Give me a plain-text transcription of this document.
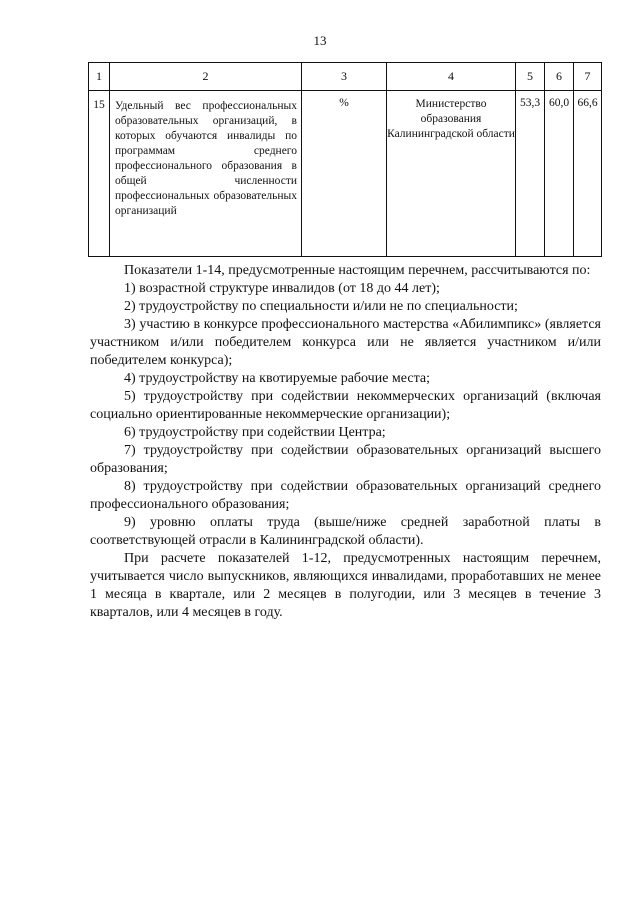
13
1	2	3	4	5	6	7
15	Удельный вес профессиональных образовательных организаций, в которых обучаются инвалиды по программам среднего профессионального образования в общей численности профессиональных образовательных организаций	%	Министерство образования Калининградской области	53,3	60,0	66,6

Показатели 1-14, предусмотренные настоящим перечнем, рассчитываются по:

1) возрастной структуре инвалидов (от 18 до 44 лет);

2) трудоустройству по специальности и/или не по специальности;

3) участию в конкурсе профессионального мастерства «Абилимпикс» (является участником и/или победителем конкурса или не является участником и/или победителем конкурса);

4) трудоустройству на квотируемые рабочие места;

5) трудоустройству при содействии некоммерческих организаций (включая социально ориентированные некоммерческие организации);

6) трудоустройству при содействии Центра;

7) трудоустройству при содействии образовательных организаций высшего образования;

8) трудоустройству при содействии образовательных организаций среднего профессионального образования;

9) уровню оплаты труда (выше/ниже средней заработной платы в соответствующей отрасли в Калининградской области).

При расчете показателей 1-12, предусмотренных настоящим перечнем, учитывается число выпускников, являющихся инвалидами, проработавших не менее 1 месяца в квартале, или 2 месяцев в полугодии, или 3 месяцев в течение 3 кварталов, или 4 месяцев в году.
